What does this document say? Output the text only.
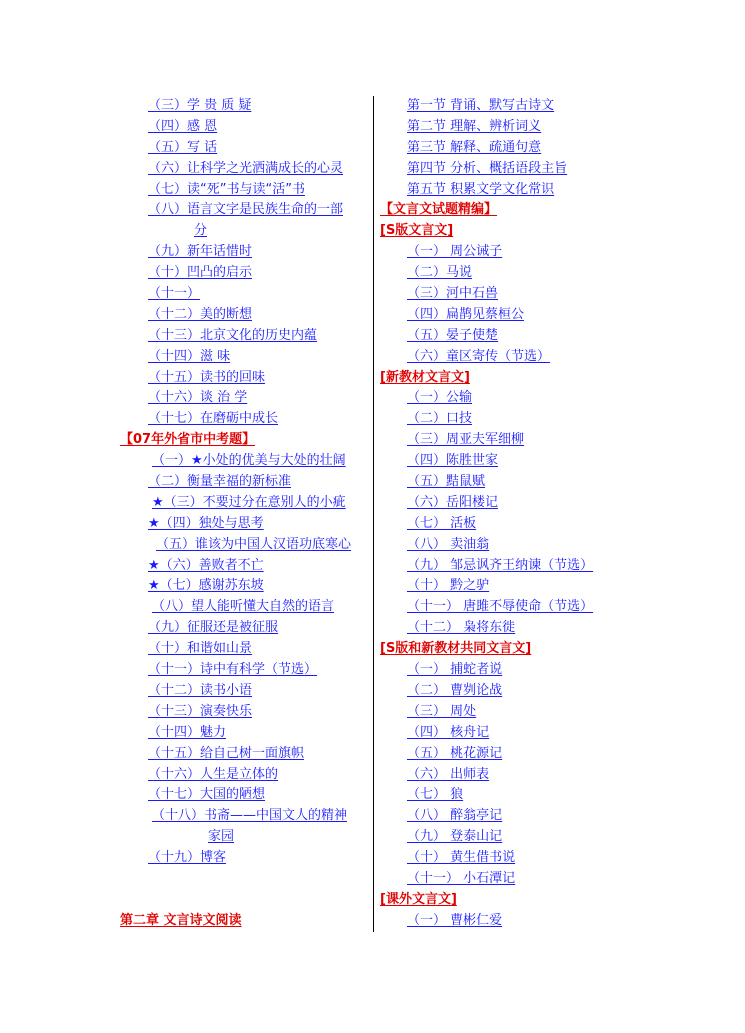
（三）学 贵 质 疑
（四）感 恩
（五）写 话
（六）让科学之光洒满成长的心灵
（七）读“死”书与读“活”书
（八）语言文字是民族生命的一部
分
（九）新年话惜时
（十）凹凸的启示
（十一）
（十二）美的断想
（十三）北京文化的历史内蕴
（十四）滋 味
（十五）读书的回味
（十六）谈 治 学
（十七）在磨砺中成长
【07年外省市中考题】
（一）★小处的优美与大处的壮阔
（二）衡量幸福的新标准
★（三）不要过分在意别人的小疵
★（四）独处与思考
（五）谁该为中国人汉语功底寒心
★（六）善败者不亡
★（七）感谢苏东坡
（八）望人能听懂大自然的语言
（九）征服还是被征服
（十）和谐如山景
（十一）诗中有科学（节选）
（十二）读书小语
（十三）演奏快乐
（十四）魅力
（十五）给自己树一面旗帜
（十六）人生是立体的
（十七）大国的陋想
（十八）书斋——中国文人的精神
家园
（十九）博客
第二章 文言诗文阅读
第一节 背诵、默写古诗文
第二节 理解、辨析词义
第三节 解释、疏通句意
第四节 分析、概括语段主旨
第五节 积累文学文化常识
【文言文试题精编】
[S版文言文]
（一） 周公诫子
（二）马说
（三）河中石兽
（四）扁鹊见蔡桓公
（五）晏子使楚
（六）童区寄传（节选）
[新教材文言文]
（一）公输
（二）口技
（三）周亚夫军细柳
（四）陈胜世家
（五）黠鼠赋
（六）岳阳楼记
（七） 活板
（八） 卖油翁
（九） 邹忌讽齐王纳谏（节选）
（十） 黔之驴
（十一） 唐雎不辱使命（节选）
（十二） 枭将东徙
[S版和新教材共同文言文]
（一） 捕蛇者说
（二） 曹刿论战
（三） 周处
（四） 核舟记
（五） 桃花源记
（六） 出师表
（七） 狼
（八） 醉翁亭记
（九） 登泰山记
（十） 黄生借书说
（十一） 小石潭记
[课外文言文]
（一） 曹彬仁爱
